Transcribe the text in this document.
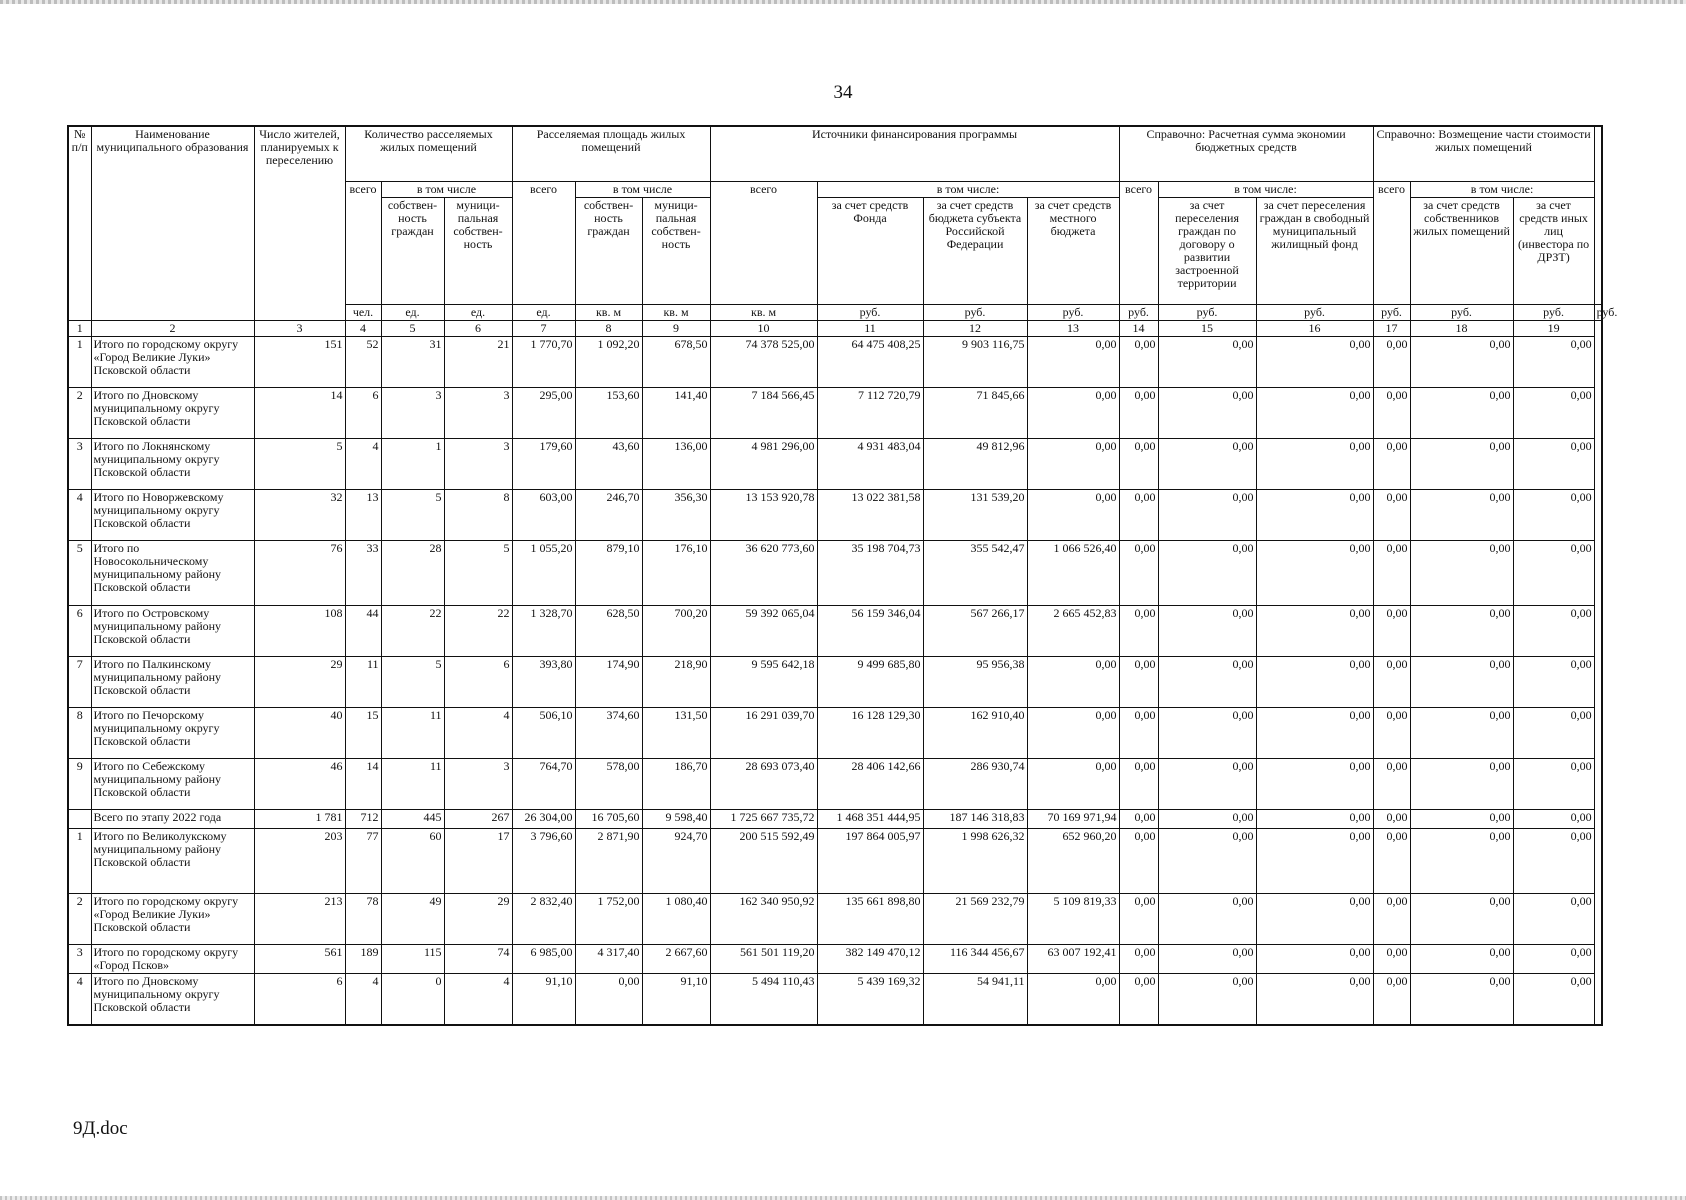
34
№ п/п	Наименование муниципального образования	Число жителей, планируемых к переселению	Количество расселяемых жилых помещений			Расселяемая площадь жилых помещений			Источники финансирования программы				Справочно: Расчетная сумма экономии бюджетных средств			Справочно: Возмещение части стоимости жилых помещений			
			всего	в том числе		всего	в том числе		всего	в том числе:			всего	в том числе:		всего	в том числе:		
				собствен-ность граждан	муници-пальная собствен-ность		собствен-ность граждан	муници-пальная собствен-ность		за счет средств Фонда	за счет средств бюджета субъекта Российской Федерации	за счет средств местного бюджета		за счет переселения граждан по договору о развитии застроенной территории	за счет переселения граждан в свободный муниципальный жилищный фонд		за счет средств собственников жилых помещений	за счет средств иных лиц (инвестора по ДРЗТ)	
			чел.	ед.	ед.	ед.	кв. м	кв. м	кв. м	руб.	руб.	руб.	руб.	руб.	руб.	руб.	руб.	руб.	руб.
1	2	3	4	5	6	7	8	9	10	11	12	13	14	15	16	17	18	19	
1	Итого по городскому округу «Город Великие Луки» Псковской области	151	52	31	21	1 770,70	1 092,20	678,50	74 378 525,00	64 475 408,25	9 903 116,75	0,00	0,00	0,00	0,00	0,00	0,00	0,00	
2	Итого по Дновскому муниципальному округу Псковской области	14	6	3	3	295,00	153,60	141,40	7 184 566,45	7 112 720,79	71 845,66	0,00	0,00	0,00	0,00	0,00	0,00	0,00	
3	Итого по Локнянскому муниципальному округу Псковской области	5	4	1	3	179,60	43,60	136,00	4 981 296,00	4 931 483,04	49 812,96	0,00	0,00	0,00	0,00	0,00	0,00	0,00	
4	Итого по Новоржевскому муниципальному округу Псковской области	32	13	5	8	603,00	246,70	356,30	13 153 920,78	13 022 381,58	131 539,20	0,00	0,00	0,00	0,00	0,00	0,00	0,00	
5	Итого по Новосокольническому муниципальному району Псковской области	76	33	28	5	1 055,20	879,10	176,10	36 620 773,60	35 198 704,73	355 542,47	1 066 526,40	0,00	0,00	0,00	0,00	0,00	0,00	
6	Итого по Островскому муниципальному району Псковской области	108	44	22	22	1 328,70	628,50	700,20	59 392 065,04	56 159 346,04	567 266,17	2 665 452,83	0,00	0,00	0,00	0,00	0,00	0,00	
7	Итого по Палкинскому муниципальному району Псковской области	29	11	5	6	393,80	174,90	218,90	9 595 642,18	9 499 685,80	95 956,38	0,00	0,00	0,00	0,00	0,00	0,00	0,00	
8	Итого по Печорскому муниципальному округу Псковской области	40	15	11	4	506,10	374,60	131,50	16 291 039,70	16 128 129,30	162 910,40	0,00	0,00	0,00	0,00	0,00	0,00	0,00	
9	Итого по Себежскому муниципальному району Псковской области	46	14	11	3	764,70	578,00	186,70	28 693 073,40	28 406 142,66	286 930,74	0,00	0,00	0,00	0,00	0,00	0,00	0,00	
	Всего по этапу 2022 года	1 781	712	445	267	26 304,00	16 705,60	9 598,40	1 725 667 735,72	1 468 351 444,95	187 146 318,83	70 169 971,94	0,00	0,00	0,00	0,00	0,00	0,00	
1	Итого по Великолукскому муниципальному району Псковской области	203	77	60	17	3 796,60	2 871,90	924,70	200 515 592,49	197 864 005,97	1 998 626,32	652 960,20	0,00	0,00	0,00	0,00	0,00	0,00	
2	Итого по городскому округу «Город Великие Луки» Псковской области	213	78	49	29	2 832,40	1 752,00	1 080,40	162 340 950,92	135 661 898,80	21 569 232,79	5 109 819,33	0,00	0,00	0,00	0,00	0,00	0,00	
3	Итого по городскому округу «Город Псков»	561	189	115	74	6 985,00	4 317,40	2 667,60	561 501 119,20	382 149 470,12	116 344 456,67	63 007 192,41	0,00	0,00	0,00	0,00	0,00	0,00	
4	Итого по Дновскому муниципальному округу Псковской области	6	4	0	4	91,10	0,00	91,10	5 494 110,43	5 439 169,32	54 941,11	0,00	0,00	0,00	0,00	0,00	0,00	0,00	
9Д.doc
